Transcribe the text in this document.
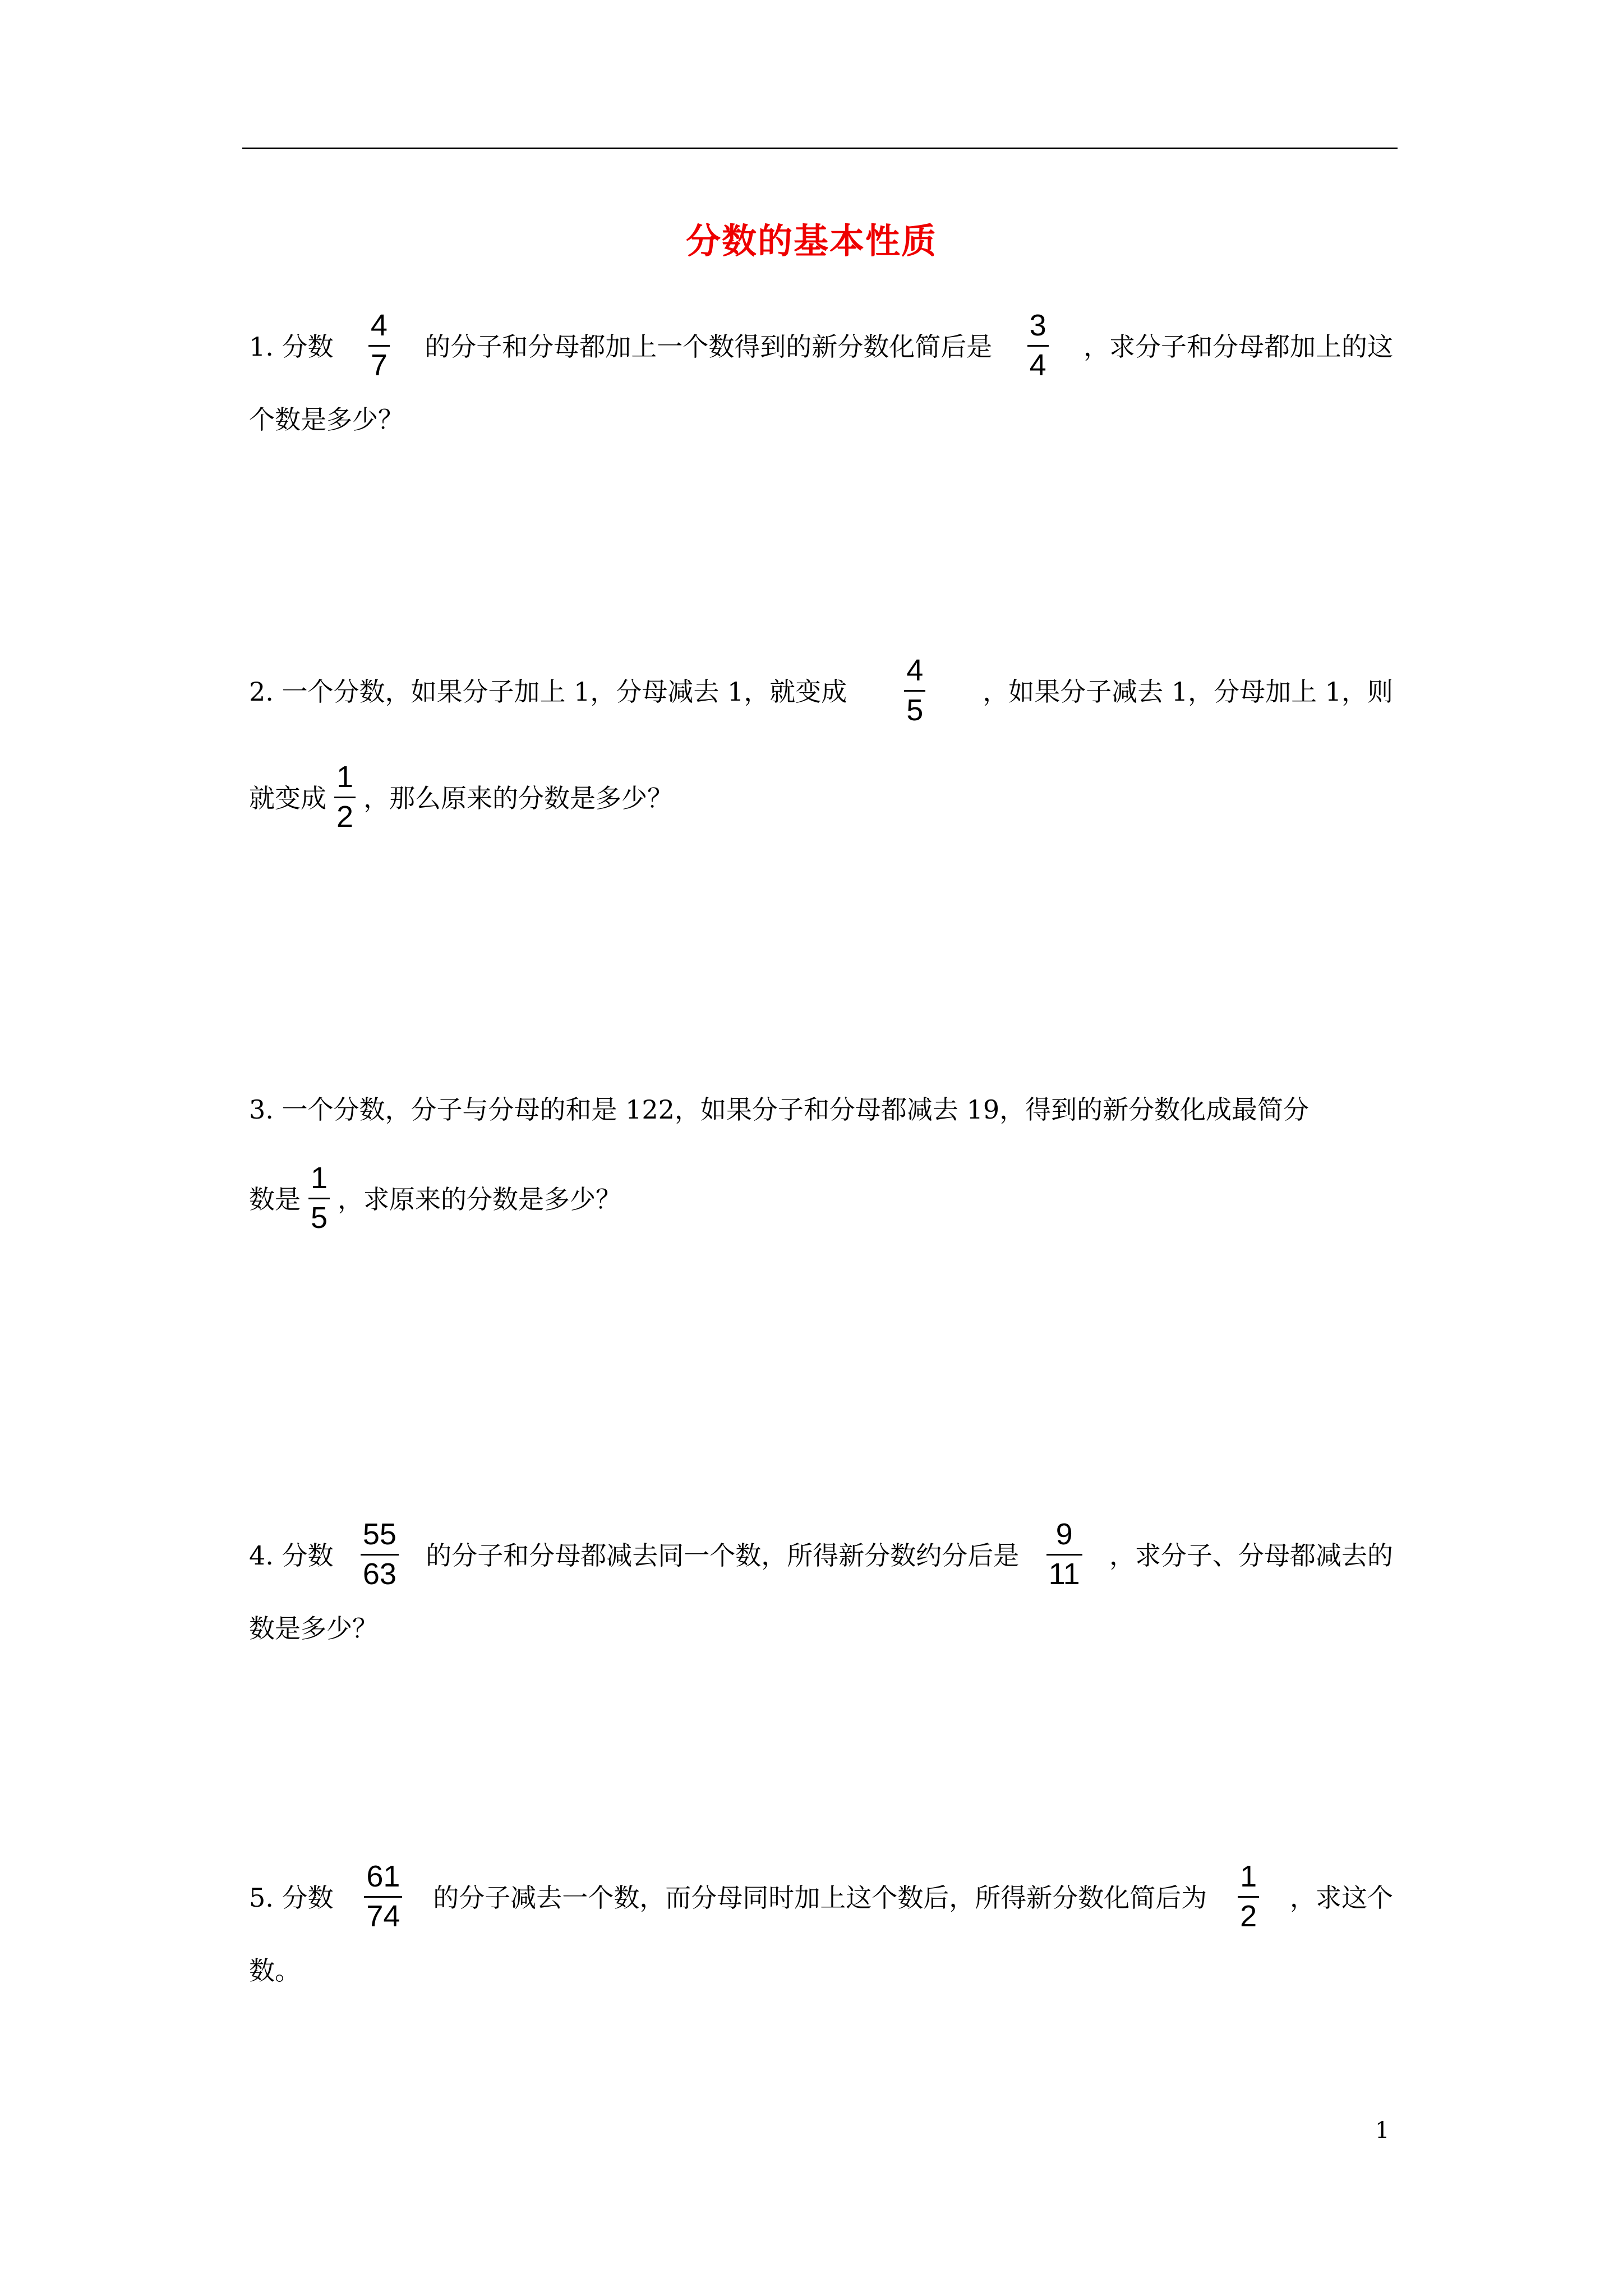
分数的基本性质
1. 分数 $\frac{4}{7}$ 的分子和分母都加上一个数得到的新分数化简后是 $\frac{3}{4}$ ，求分子和分母都加上的这
个数是多少？
2. 一个分数，如果分子加上 1，分母减去 1，就变成 $\frac{4}{5}$ ，如果分子减去 1，分母加上 1，则
就变成 $\frac{1}{2}$ ，那么原来的分数是多少？
3. 一个分数，分子与分母的和是 122，如果分子和分母都减去 19，得到的新分数化成最简分
数是 $\frac{1}{5}$ ，求原来的分数是多少？
4. 分数 $\frac{55}{63}$ 的分子和分母都减去同一个数，所得新分数约分后是 $\frac{9}{11}$ ，求分子、分母都减去的
数是多少？
5. 分数 $\frac{61}{74}$ 的分子减去一个数，而分母同时加上这个数后，所得新分数化简后为 $\frac{1}{2}$ ，求这个
数。
1
